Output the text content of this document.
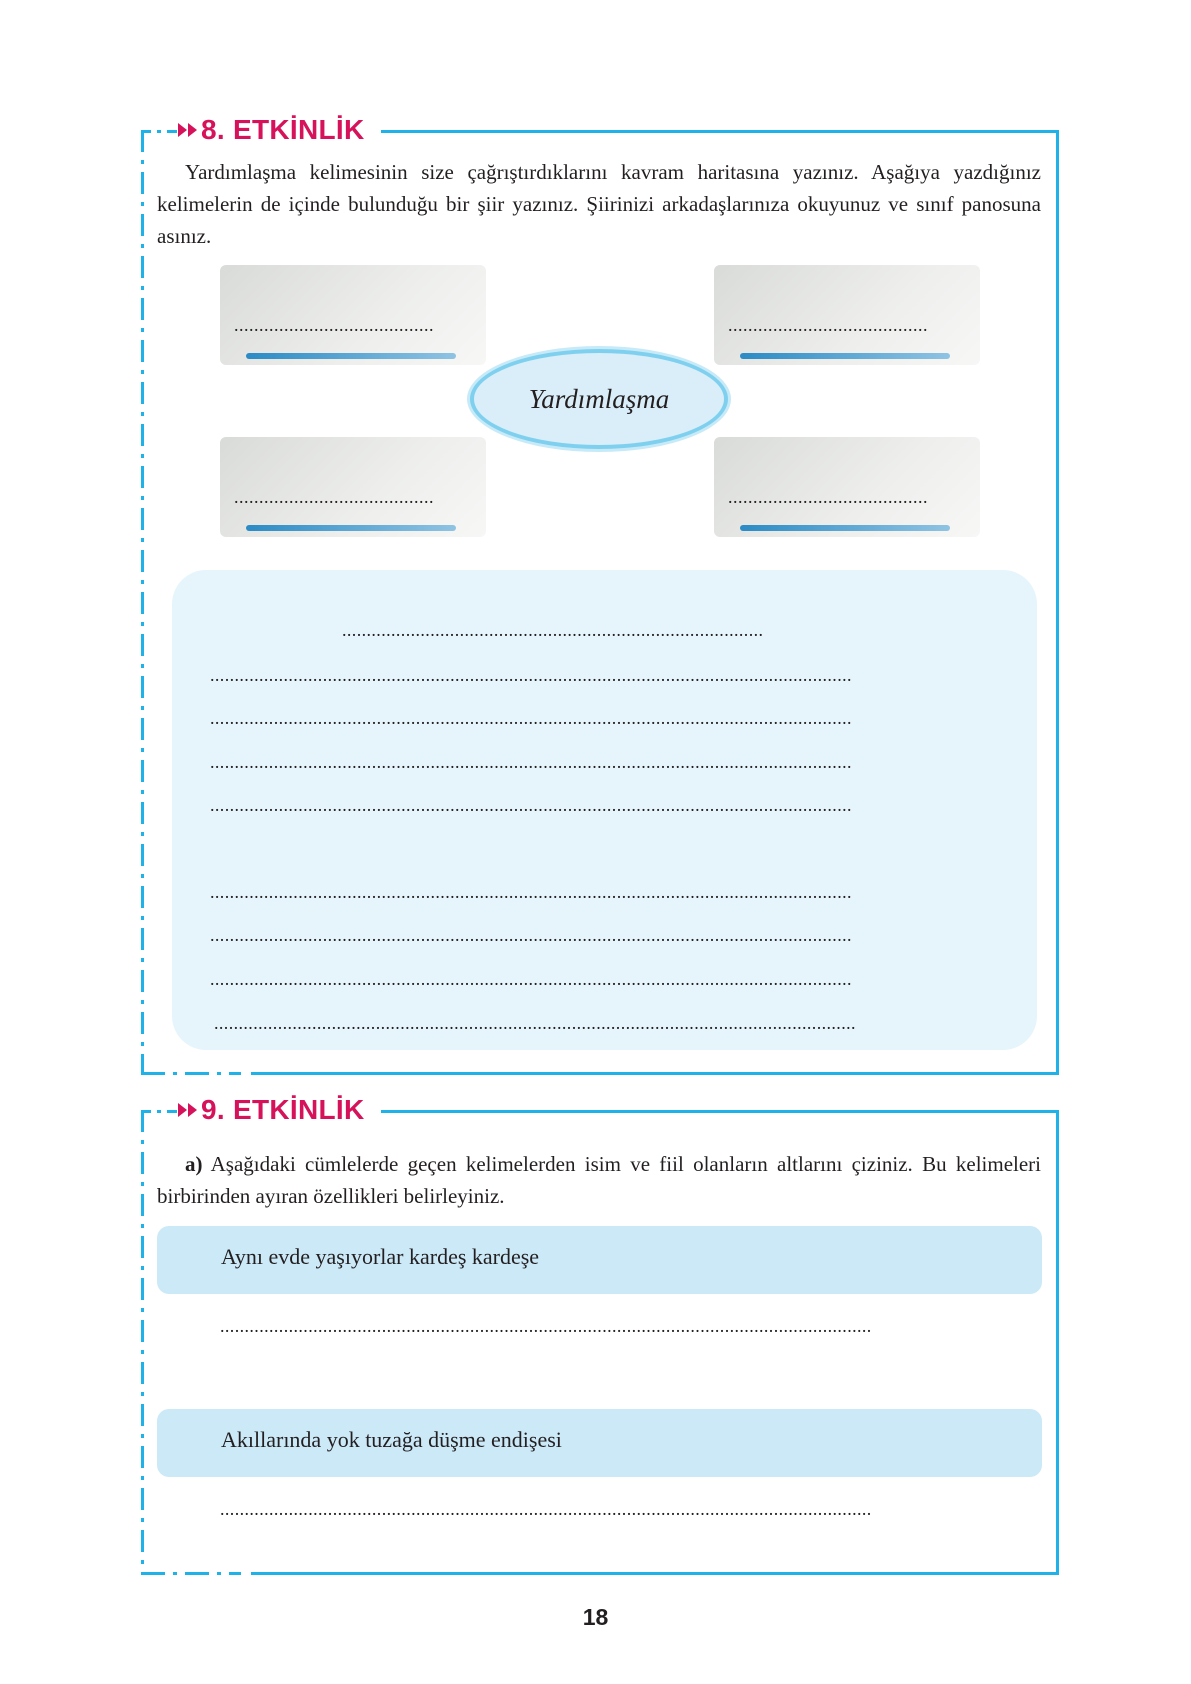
8. ETKİNLİK

Yardımlaşma kelimesinin size çağrıştırdıklarını kavram haritasına yazınız. Aşağıya yazdığınız kelimelerin de içinde bulunduğu bir şiir yazınız. Şiirinizi arkadaşlarınıza okuyunuz ve sınıf panosuna asınız.

........................................	........................................
........................................	........................................
Yardımlaşma
......................................................................................
...................................................................................................................................
...................................................................................................................................
...................................................................................................................................
...................................................................................................................................
...................................................................................................................................
...................................................................................................................................
...................................................................................................................................
...................................................................................................................................
9. ETKİNLİK

a) Aşağıdaki cümlelerde geçen kelimelerden isim ve fiil olanların altlarını çiziniz. Bu kelimeleri birbirinden ayıran özellikleri belirleyiniz.

Aynı evde yaşıyorlar kardeş kardeşe
.....................................................................................................................................
Akıllarında yok tuzağa düşme endişesi
.....................................................................................................................................
18
